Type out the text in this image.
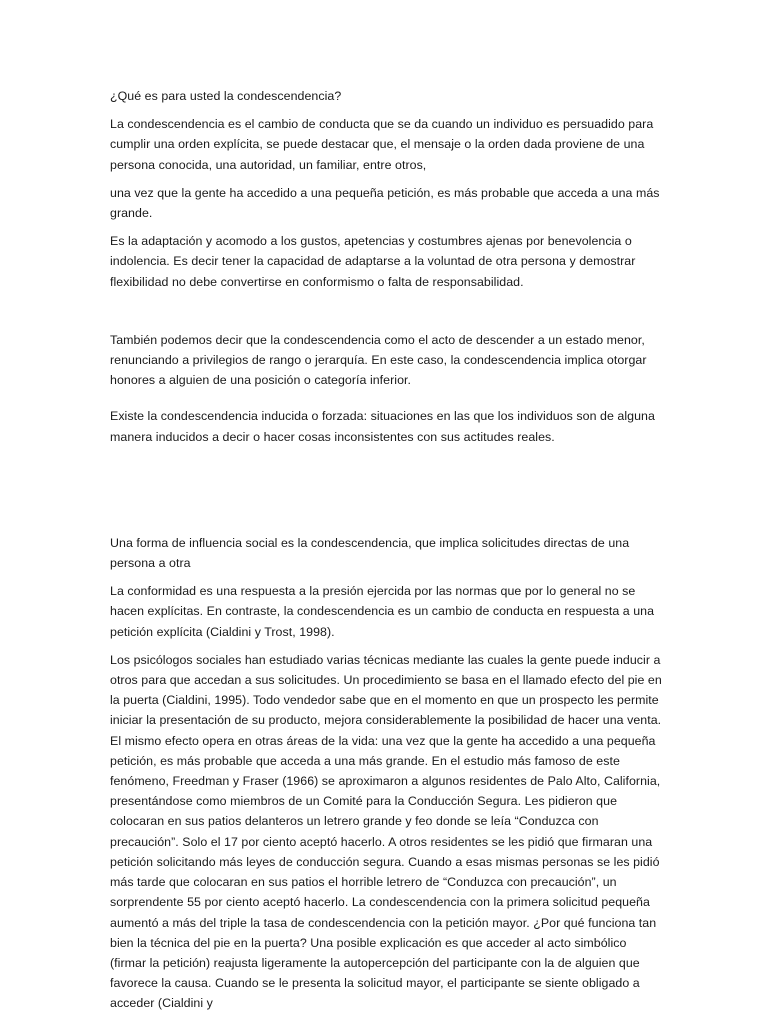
¿Qué es para usted la condescendencia?

La condescendencia es el cambio de conducta que se da cuando un individuo es persuadido para cumplir una orden explícita, se puede destacar que, el mensaje o la orden dada proviene de una persona conocida, una autoridad, un familiar, entre otros,

una vez que la gente ha accedido a una pequeña petición, es más probable que acceda a una más grande.

Es la adaptación y acomodo a los gustos, apetencias y costumbres ajenas por benevolencia o indolencia. Es decir tener la capacidad de adaptarse a la voluntad de otra persona y demostrar flexibilidad no debe convertirse en conformismo o falta de responsabilidad.

También podemos decir que la condescendencia como el acto de descender a un estado menor, renunciando a privilegios de rango o jerarquía. En este caso, la condescendencia implica otorgar honores a alguien de una posición o categoría inferior.

Existe la condescendencia inducida o forzada: situaciones en las que los individuos son de alguna manera inducidos a decir o hacer cosas inconsistentes con sus actitudes reales.

Una forma de influencia social es la condescendencia, que implica solicitudes directas de una persona a otra

La conformidad es una respuesta a la presión ejercida por las normas que por lo general no se hacen explícitas. En contraste, la condescendencia es un cambio de conducta en respuesta a una petición explícita (Cialdini y Trost, 1998).

Los psicólogos sociales han estudiado varias técnicas mediante las cuales la gente puede inducir a otros para que accedan a sus solicitudes. Un procedimiento se basa en el llamado efecto del pie en la puerta (Cialdini, 1995). Todo vendedor sabe que en el momento en que un prospecto les permite iniciar la presentación de su producto, mejora considerablemente la posibilidad de hacer una venta. El mismo efecto opera en otras áreas de la vida: una vez que la gente ha accedido a una pequeña petición, es más probable que acceda a una más grande. En el estudio más famoso de este fenómeno, Freedman y Fraser (1966) se aproximaron a algunos residentes de Palo Alto, California, presentándose como miembros de un Comité para la Conducción Segura. Les pidieron que colocaran en sus patios delanteros un letrero grande y feo donde se leía “Conduzca con precaución”. Solo el 17 por ciento aceptó hacerlo. A otros residentes se les pidió que firmaran una petición solicitando más leyes de conducción segura. Cuando a esas mismas personas se les pidió más tarde que colocaran en sus patios el horrible letrero de “Conduzca con precaución”, un sorprendente 55 por ciento aceptó hacerlo. La condescendencia con la primera solicitud pequeña aumentó a más del triple la tasa de condescendencia con la petición mayor. ¿Por qué funciona tan bien la técnica del pie en la puerta? Una posible explicación es que acceder al acto simbólico (firmar la petición) reajusta ligeramente la autopercepción del participante con la de alguien que favorece la causa. Cuando se le presenta la solicitud mayor, el participante se siente obligado a acceder (Cialdini y
